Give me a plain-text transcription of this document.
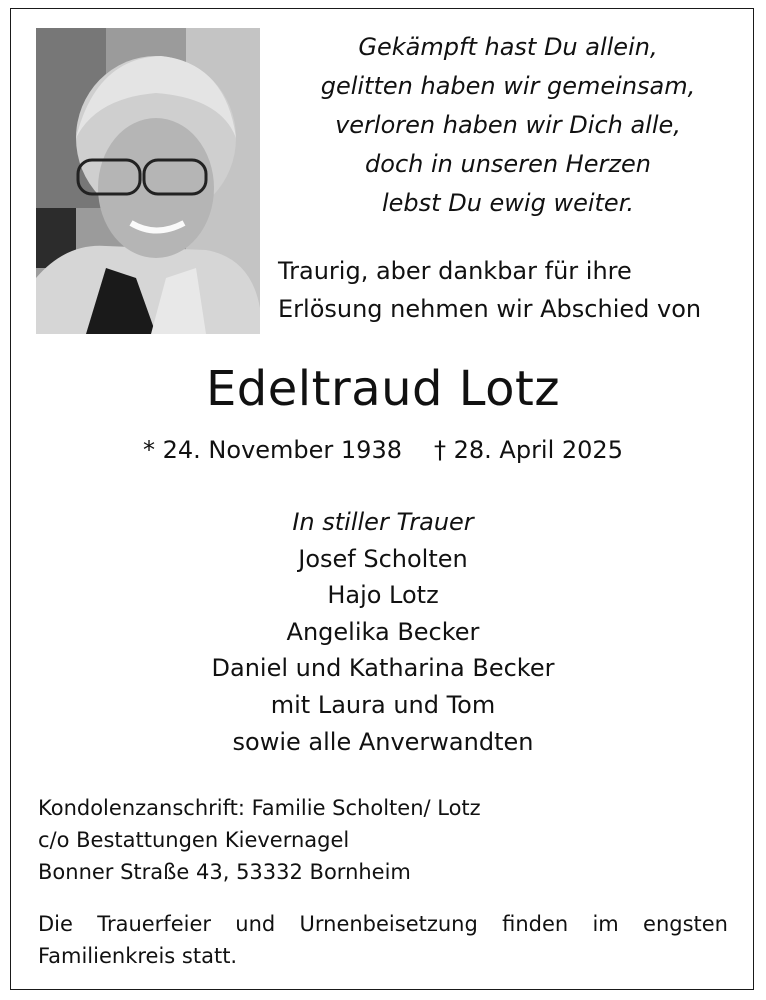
Gekämpft hast Du allein,
gelitten haben wir gemeinsam,
verloren haben wir Dich alle,
doch in unseren Herzen
lebst Du ewig weiter.
Traurig, aber dankbar für ihre
Erlösung nehmen wir Abschied von
Edeltraud Lotz
* 24. November 1938 † 28. April 2025
In stiller Trauer
Josef Scholten
Hajo Lotz
Angelika Becker
Daniel und Katharina Becker
mit Laura und Tom
sowie alle Anverwandten
Kondolenzanschrift: Familie Scholten/ Lotz
c/o Bestattungen Kievernagel
Bonner Straße 43, 53332 Bornheim
Die Trauerfeier und Urnenbeisetzung finden im engsten Familienkreis statt.
